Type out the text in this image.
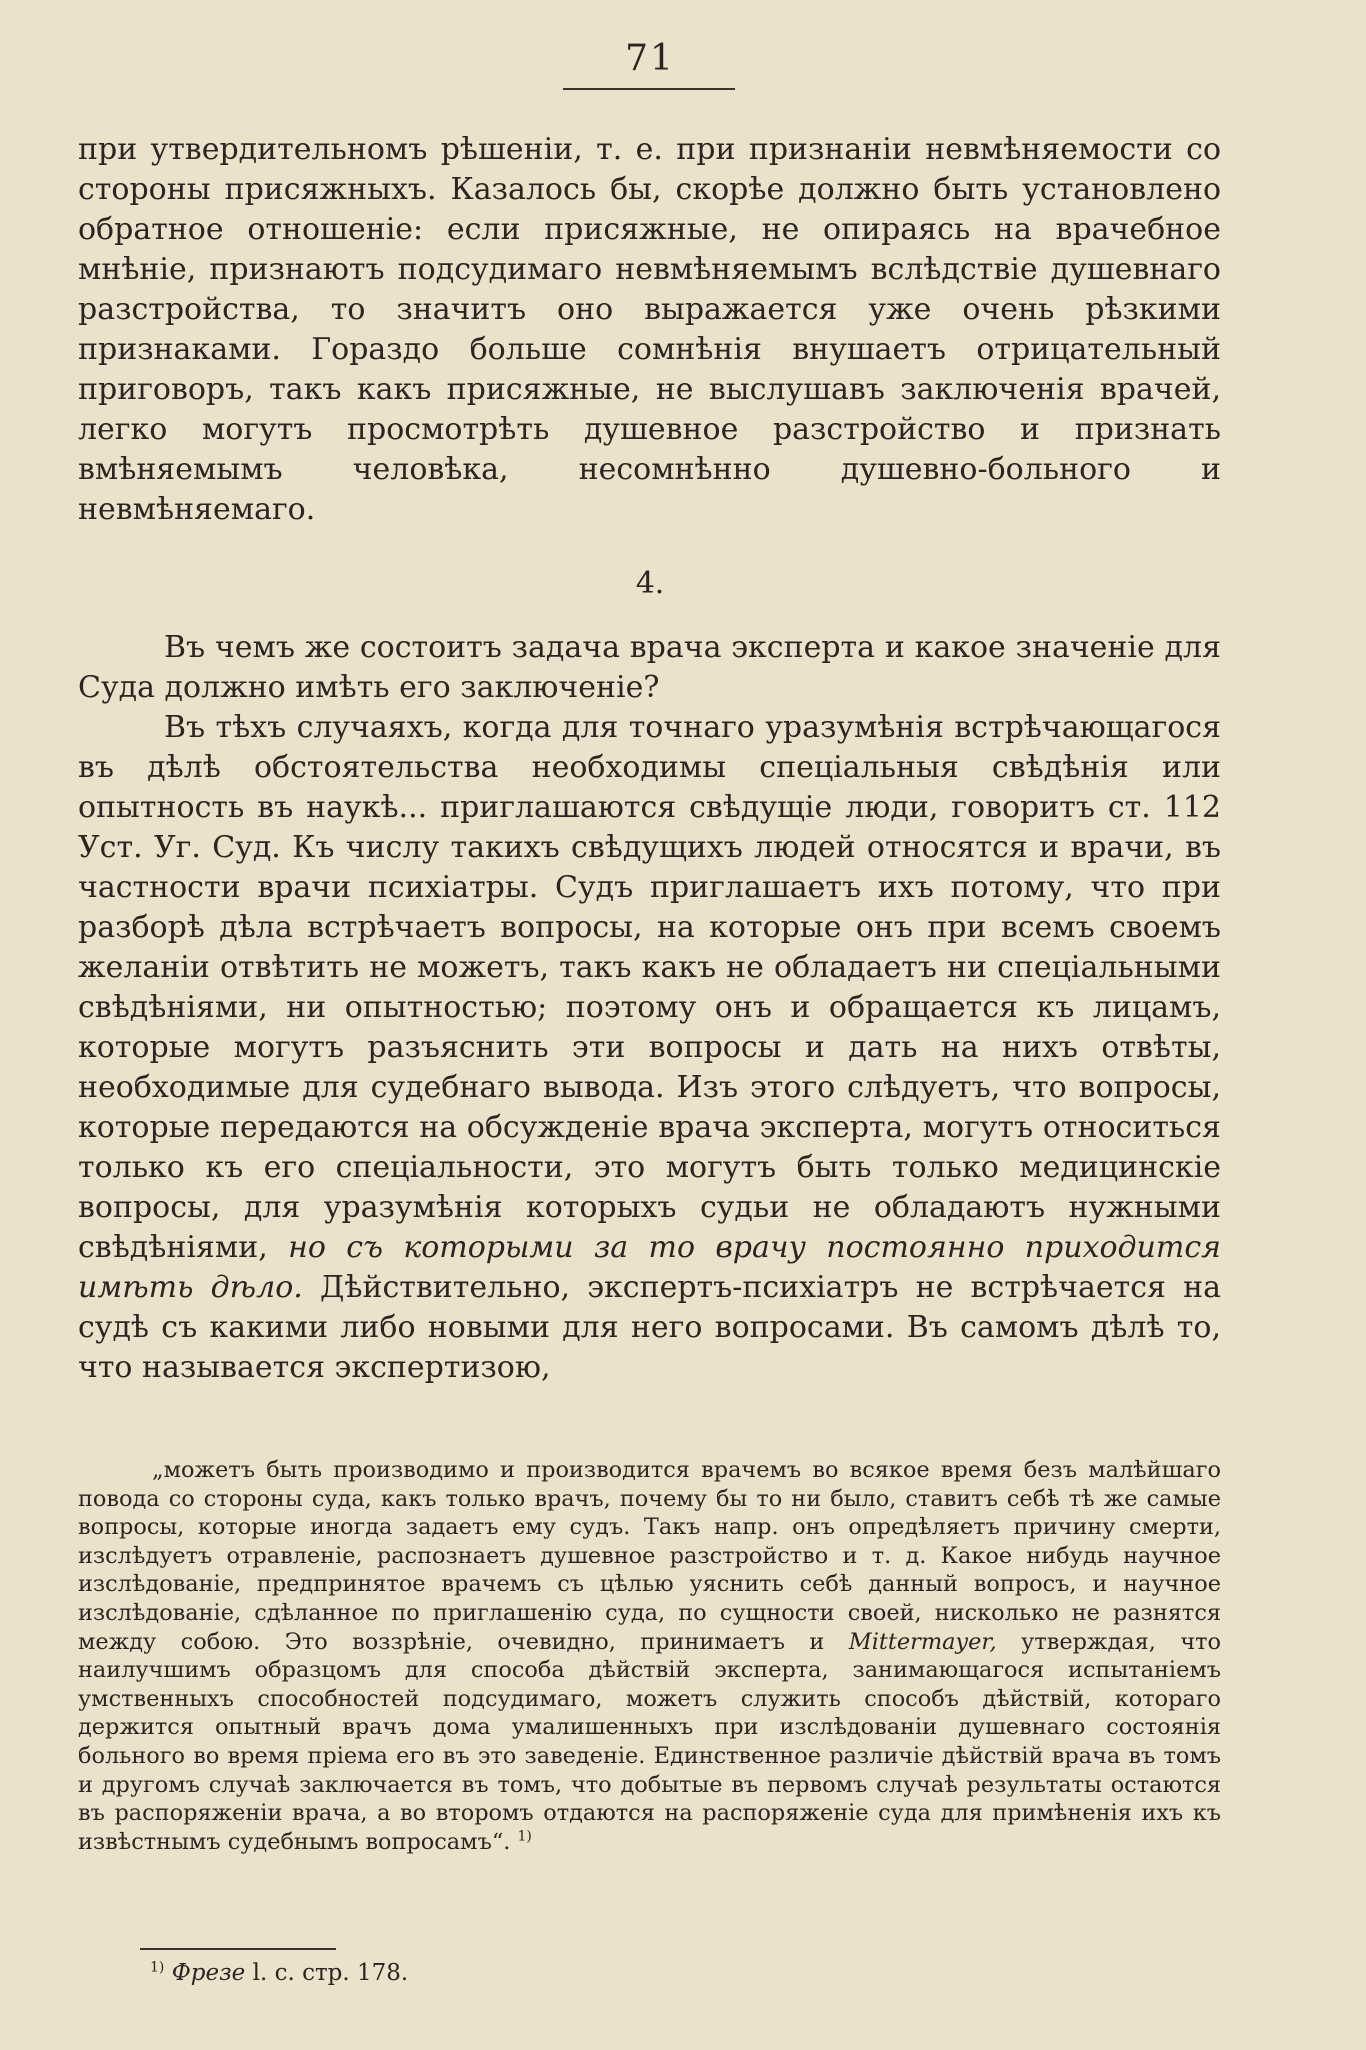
71

при утвердительномъ рѣшеніи, т. е. при признаніи невмѣняемости со стороны присяжныхъ. Казалось бы, скорѣе должно быть установлено обратное отношеніе: если присяжные, не опираясь на врачебное мнѣніе, признаютъ подсудимаго невмѣняемымъ вслѣдствіе душевнаго разстройства, то значитъ оно выражается уже очень рѣзкими признаками. Гораздо больше сомнѣнія внушаетъ отрицательный приговоръ, такъ какъ присяжные, не выслушавъ заключенія врачей, легко могутъ просмотрѣть душевное разстройство и признать вмѣняемымъ человѣка, несомнѣнно душевно-больного и невмѣняемаго.

4.

Въ чемъ же состоитъ задача врача эксперта и какое значеніе для Суда должно имѣть его заключеніе?

Въ тѣхъ случаяхъ, когда для точнаго уразумѣнія встрѣчающагося въ дѣлѣ обстоятельства необходимы спеціальныя свѣдѣнія или опытность въ наукѣ... приглашаются свѣдущіе люди, говоритъ ст. 112 Уст. Уг. Суд. Къ числу такихъ свѣдущихъ людей относятся и врачи, въ частности врачи психіатры. Судъ приглашаетъ ихъ потому, что при разборѣ дѣла встрѣчаетъ вопросы, на которые онъ при всемъ своемъ желаніи отвѣтить не можетъ, такъ какъ не обладаетъ ни спеціальными свѣдѣніями, ни опытностью; поэтому онъ и обращается къ лицамъ, которые могутъ разъяснить эти вопросы и дать на нихъ отвѣты, необходимые для судебнаго вывода. Изъ этого слѣдуетъ, что вопросы, которые передаются на обсужденіе врача эксперта, могутъ относиться только къ его спеціальности, это могутъ быть только медицинскіе вопросы, для уразумѣнія которыхъ судьи не обладаютъ нужными свѣдѣніями, но съ которыми за то врачу постоянно приходится имѣть дѣло. Дѣйствительно, экспертъ-психіатръ не встрѣчается на судѣ съ какими либо новыми для него вопросами. Въ самомъ дѣлѣ то, что называется экспертизою,

„можетъ быть производимо и производится врачемъ во всякое время безъ малѣйшаго повода со стороны суда, какъ только врачъ, почему бы то ни было, ставитъ себѣ тѣ же самые вопросы, которые иногда задаетъ ему судъ. Такъ напр. онъ опредѣляетъ причину смерти, изслѣдуетъ отравленіе, распознаетъ душевное разстройство и т. д. Какое нибудь научное изслѣдованіе, предпринятое врачемъ съ цѣлью уяснить себѣ данный вопросъ, и научное изслѣдованіе, сдѣланное по приглашенію суда, по сущности своей, нисколько не разнятся между собою. Это воззрѣніе, очевидно, принимаетъ и Mittermayer, утверждая, что наилучшимъ образцомъ для способа дѣйствій эксперта, занимающагося испытаніемъ умственныхъ способностей подсудимаго, можетъ служить способъ дѣйствій, котораго держится опытный врачъ дома умалишенныхъ при изслѣдованіи душевнаго состоянія больного во время пріема его въ это заведеніе. Единственное различіе дѣйствій врача въ томъ и другомъ случаѣ заключается въ томъ, что добытые въ первомъ случаѣ результаты остаются въ распоряженіи врача, а во второмъ отдаются на распоряженіе суда для примѣненія ихъ къ извѣстнымъ судебнымъ вопросамъ“. $^{1)}$

$^{1)}$ Фрезе l. c. стр. 178.
